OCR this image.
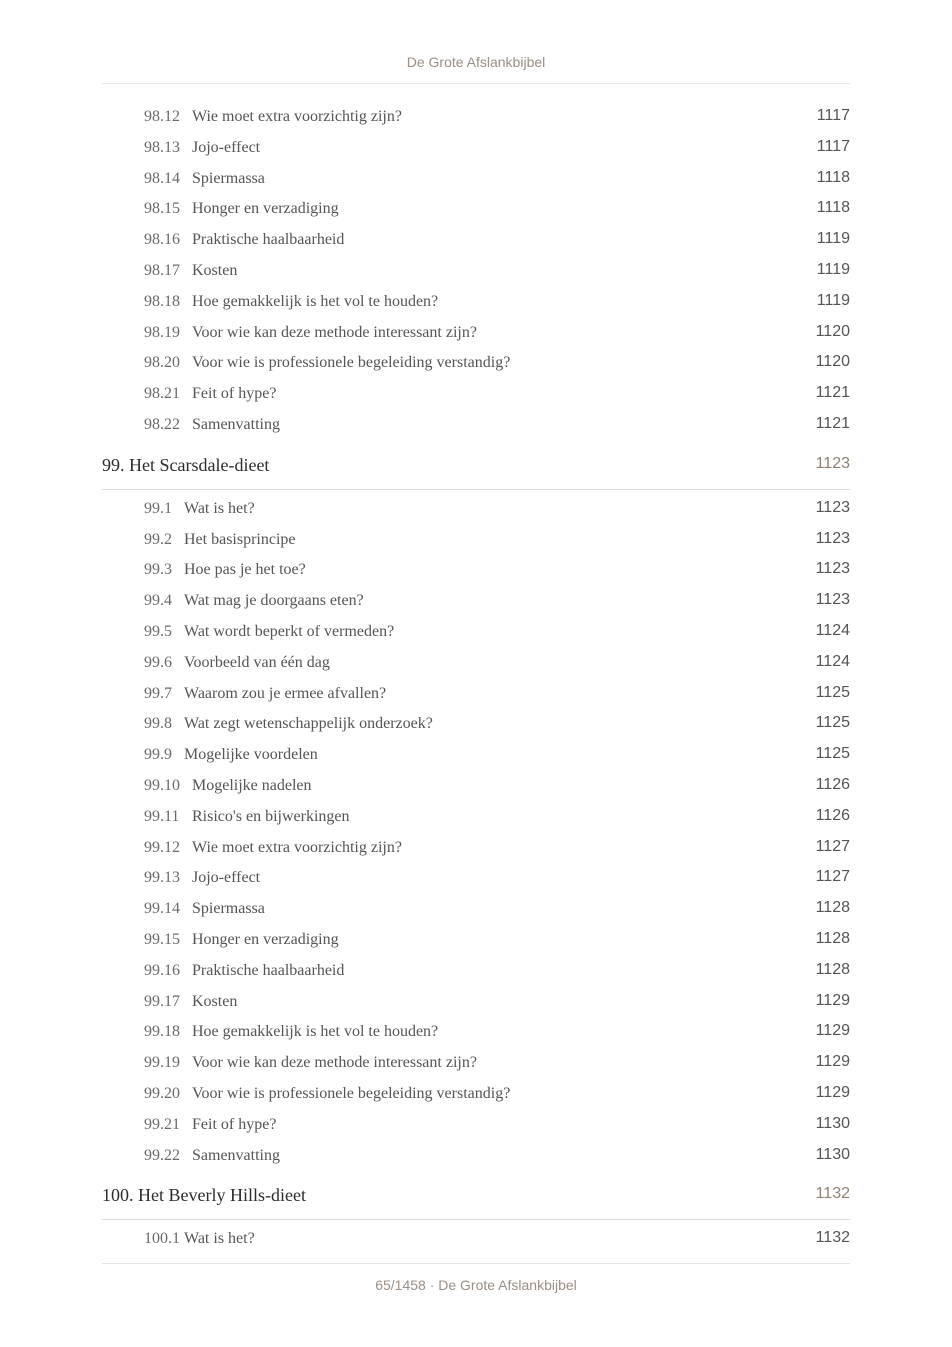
De Grote Afslankbijbel
98.12 Wie moet extra voorzichtig zijn?	1117
98.13 Jojo-effect	1117
98.14 Spiermassa	1118
98.15 Honger en verzadiging	1118
98.16 Praktische haalbaarheid	1119
98.17 Kosten	1119
98.18 Hoe gemakkelijk is het vol te houden?	1119
98.19 Voor wie kan deze methode interessant zijn?	1120
98.20 Voor wie is professionele begeleiding verstandig?	1120
98.21 Feit of hype?	1121
98.22 Samenvatting	1121
99. Het Scarsdale-dieet	1123
99.1 Wat is het?	1123
99.2 Het basisprincipe	1123
99.3 Hoe pas je het toe?	1123
99.4 Wat mag je doorgaans eten?	1123
99.5 Wat wordt beperkt of vermeden?	1124
99.6 Voorbeeld van één dag	1124
99.7 Waarom zou je ermee afvallen?	1125
99.8 Wat zegt wetenschappelijk onderzoek?	1125
99.9 Mogelijke voordelen	1125
99.10 Mogelijke nadelen	1126
99.11 Risico's en bijwerkingen	1126
99.12 Wie moet extra voorzichtig zijn?	1127
99.13 Jojo-effect	1127
99.14 Spiermassa	1128
99.15 Honger en verzadiging	1128
99.16 Praktische haalbaarheid	1128
99.17 Kosten	1129
99.18 Hoe gemakkelijk is het vol te houden?	1129
99.19 Voor wie kan deze methode interessant zijn?	1129
99.20 Voor wie is professionele begeleiding verstandig?	1129
99.21 Feit of hype?	1130
99.22 Samenvatting	1130
100. Het Beverly Hills-dieet	1132
100.1 Wat is het?	1132
65/1458 · De Grote Afslankbijbel
